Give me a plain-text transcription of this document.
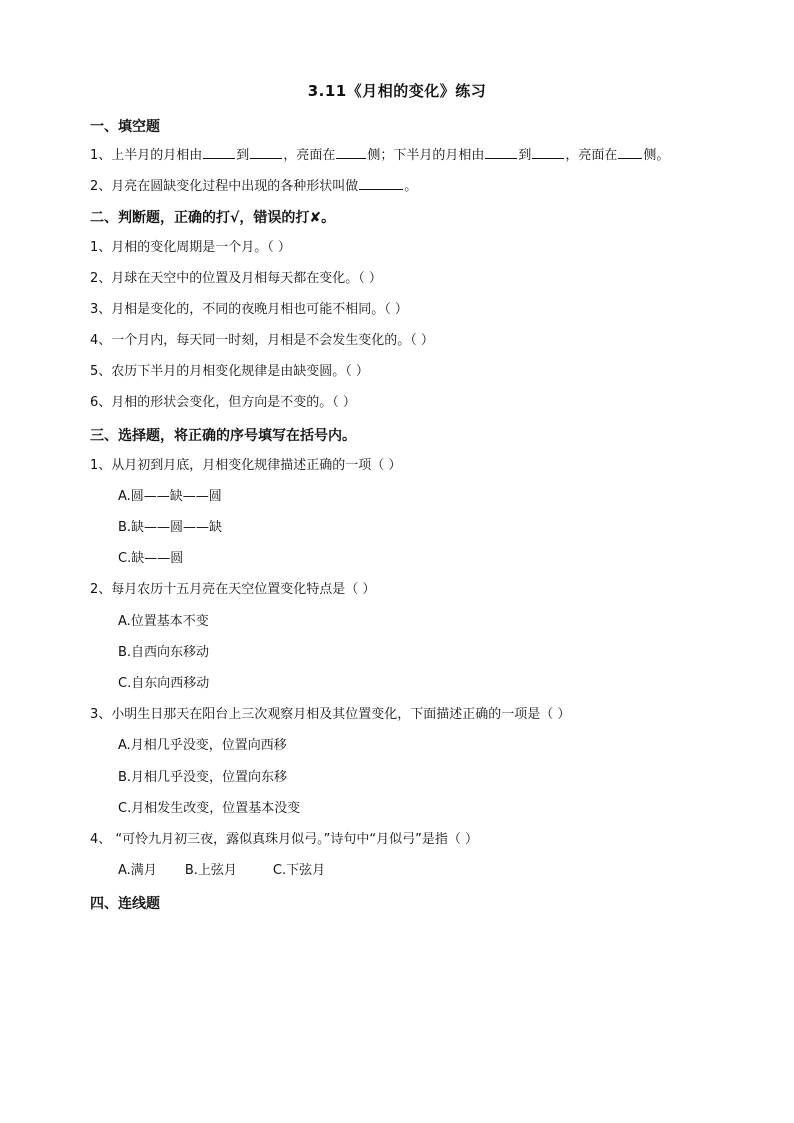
3.11《月相的变化》练习
一、填空题
1、上半月的月相由	到	，亮面在 侧；下半月的月相由	到	，亮面在 侧。
2、月亮在圆缺变化过程中出现的各种形状叫做	。
二、判断题，正确的打√，错误的打✘。
1、月相的变化周期是一个月。（ ）
2、月球在天空中的位置及月相每天都在变化。（ ）
3、月相是变化的，不同的夜晚月相也可能不相同。（ ）
4、一个月内，每天同一时刻，月相是不会发生变化的。（ ）
5、农历下半月的月相变化规律是由缺变圆。（ ）
6、月相的形状会变化，但方向是不变的。（ ）
三、选择题，将正确的序号填写在括号内。
1、从月初到月底，月相变化规律描述正确的一项（ ）
A.圆——缺——圆
B.缺——圆——缺
C.缺——圆
2、每月农历十五月亮在天空位置变化特点是（ ）
A.位置基本不变
B.自西向东移动
C.自东向西移动
3、小明生日那天在阳台上三次观察月相及其位置变化，下面描述正确的一项是（ ）
A.月相几乎没变，位置向西移
B.月相几乎没变，位置向东移
C.月相发生改变，位置基本没变
4、 “可怜九月初三夜，露似真珠月似弓。”诗句中“月似弓”是指（ ）
A.满月 B.上弦月	C.下弦月
四、连线题
